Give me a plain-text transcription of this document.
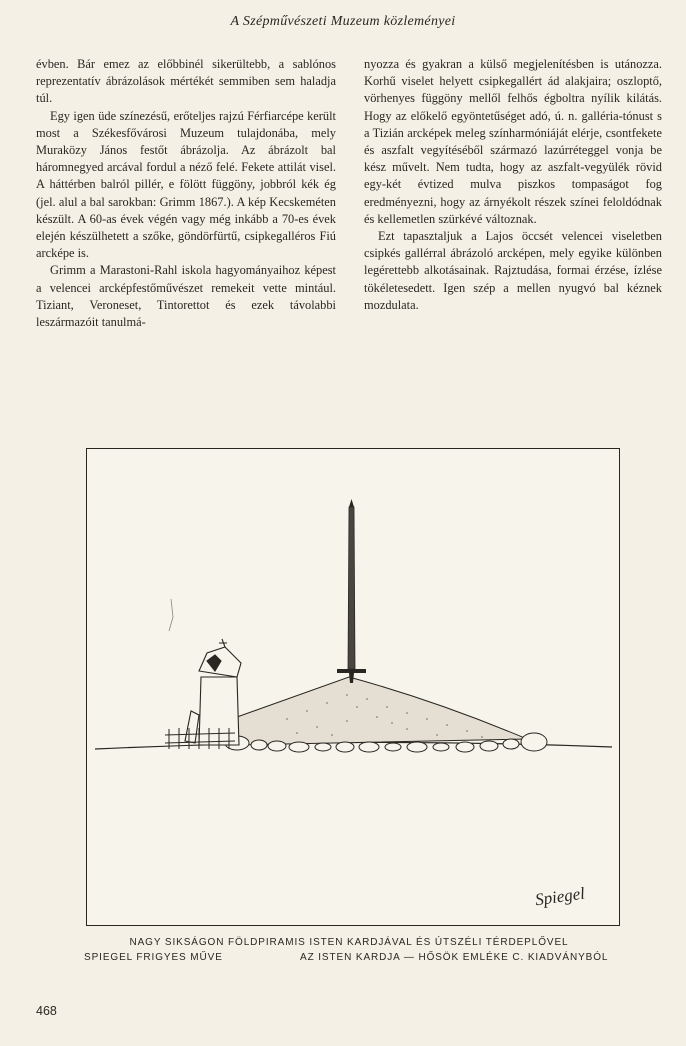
A Szépművészeti Muzeum közleményei

évben. Bár emez az előbbinél sikerültebb, a sablónos reprezentatív ábrázolások mértékét semmiben sem haladja túl.

Egy igen üde színezésű, erőteljes rajzú Férfiarcépe került most a Székesfővárosi Muzeum tulajdonába, mely Muraközy János festőt ábrázolja. Az ábrázolt bal háromnegyed arcával fordul a néző felé. Fekete attilát visel. A háttérben balról pillér, e fölött függöny, jobbról kék ég (jel. alul a bal sarokban: Grimm 1867.). A kép Kecskeméten készült. A 60-as évek végén vagy még inkább a 70-es évek elején készülhetett a szőke, göndörfürtű, csipkegalléros Fiú arcképe is.

Grimm a Marastoni-Rahl iskola hagyományaihoz képest a velencei arcképfestőművészet remekeit vette mintául. Tiziant, Veroneset, Tintorettot és ezek távolabbi leszármazóit tanulmá-

nyozza és gyakran a külső megjelenítésben is utánozza. Korhű viselet helyett csipkegallért ád alakjaira; oszloptő, vörhenyes függöny mellől felhős égboltra nyílik kilátás. Hogy az előkelő egyöntetűséget adó, ú. n. galléria-tónust s a Tizián arcképek meleg színharmóniáját elérje, csontfekete és aszfalt vegyítéséből származó lazúrréteggel vonja be kész művelt. Nem tudta, hogy az aszfalt-vegyülék rövid egy-két évtized mulva piszkos tompaságot fog eredményezni, hogy az árnyékolt részek színei feloldódnak és kellemetlen szürkévé változnak.

Ezt tapasztaljuk a Lajos öccsét velencei viseletben csipkés gallérral ábrázoló arcképen, mely egyike különben legérettebb alkotásainak. Rajztudása, formai érzése, ízlése tökéletesedett. Igen szép a mellen nyugvó bal kéznek mozdulata.

Spiegel
NAGY SIKSÁGON FÖLDPIRAMIS ISTEN KARDJÁVAL ÉS ÚTSZÉLI TÉRDEPLŐVEL
SPIEGEL FRIGYES MŰVE	AZ ISTEN KARDJA — HŐSÖK EMLÉKE C. KIADVÁNYBÓL
468
